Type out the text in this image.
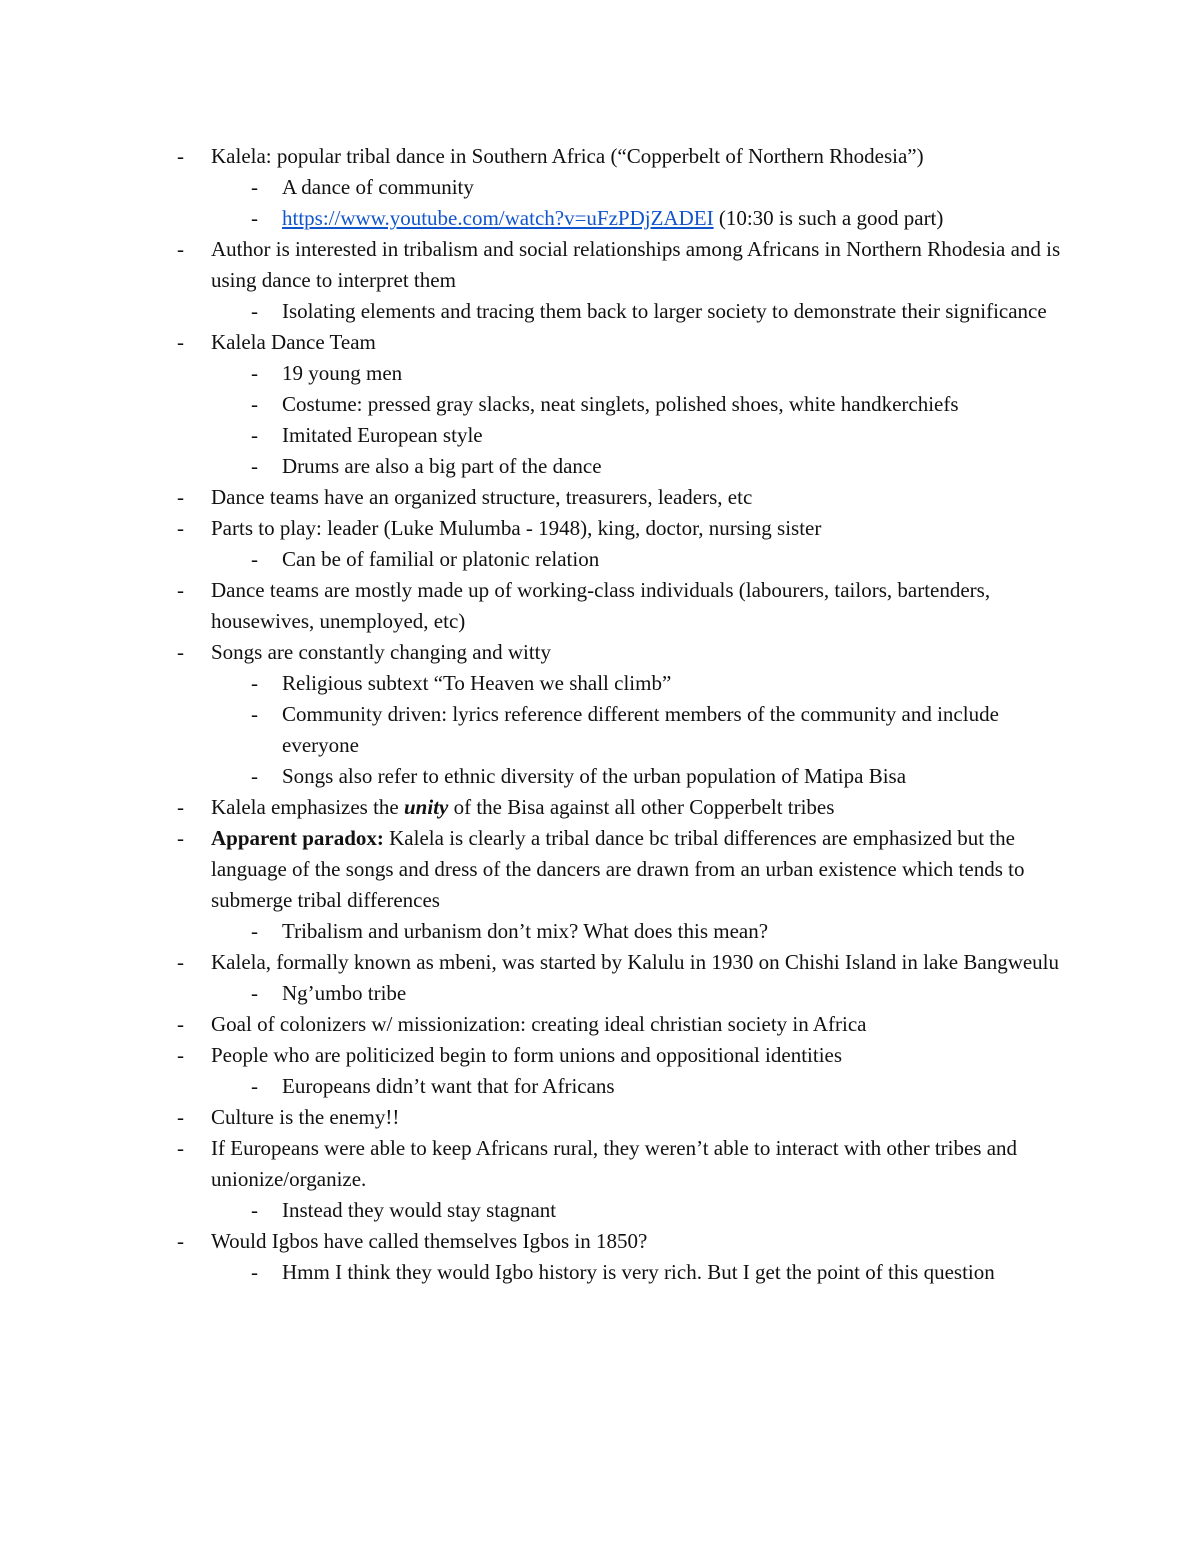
- Kalela: popular tribal dance in Southern Africa (“Copperbelt of Northern Rhodesia”)
- A dance of community
- https://www.youtube.com/watch?v=uFzPDjZADEI (10:30 is such a good part)
- Author is interested in tribalism and social relationships among Africans in Northern Rhodesia and is using dance to interpret them
- Isolating elements and tracing them back to larger society to demonstrate their significance
- Kalela Dance Team
- 19 young men
- Costume: pressed gray slacks, neat singlets, polished shoes, white handkerchiefs
- Imitated European style
- Drums are also a big part of the dance
- Dance teams have an organized structure, treasurers, leaders, etc
- Parts to play: leader (Luke Mulumba - 1948), king, doctor, nursing sister
- Can be of familial or platonic relation
- Dance teams are mostly made up of working-class individuals (labourers, tailors, bartenders, housewives, unemployed, etc)
- Songs are constantly changing and witty
- Religious subtext “To Heaven we shall climb”
- Community driven: lyrics reference different members of the community and include everyone
- Songs also refer to ethnic diversity of the urban population of Matipa Bisa
- Kalela emphasizes the unity of the Bisa against all other Copperbelt tribes
- Apparent paradox: Kalela is clearly a tribal dance bc tribal differences are emphasized but the language of the songs and dress of the dancers are drawn from an urban existence which tends to submerge tribal differences
- Tribalism and urbanism don’t mix? What does this mean?
- Kalela, formally known as mbeni, was started by Kalulu in 1930 on Chishi Island in lake Bangweulu
- Ng’umbo tribe
- Goal of colonizers w/ missionization: creating ideal christian society in Africa
- People who are politicized begin to form unions and oppositional identities
- Europeans didn’t want that for Africans
- Culture is the enemy!!
- If Europeans were able to keep Africans rural, they weren’t able to interact with other tribes and unionize/organize.
- Instead they would stay stagnant
- Would Igbos have called themselves Igbos in 1850?
- Hmm I think they would Igbo history is very rich. But I get the point of this question
